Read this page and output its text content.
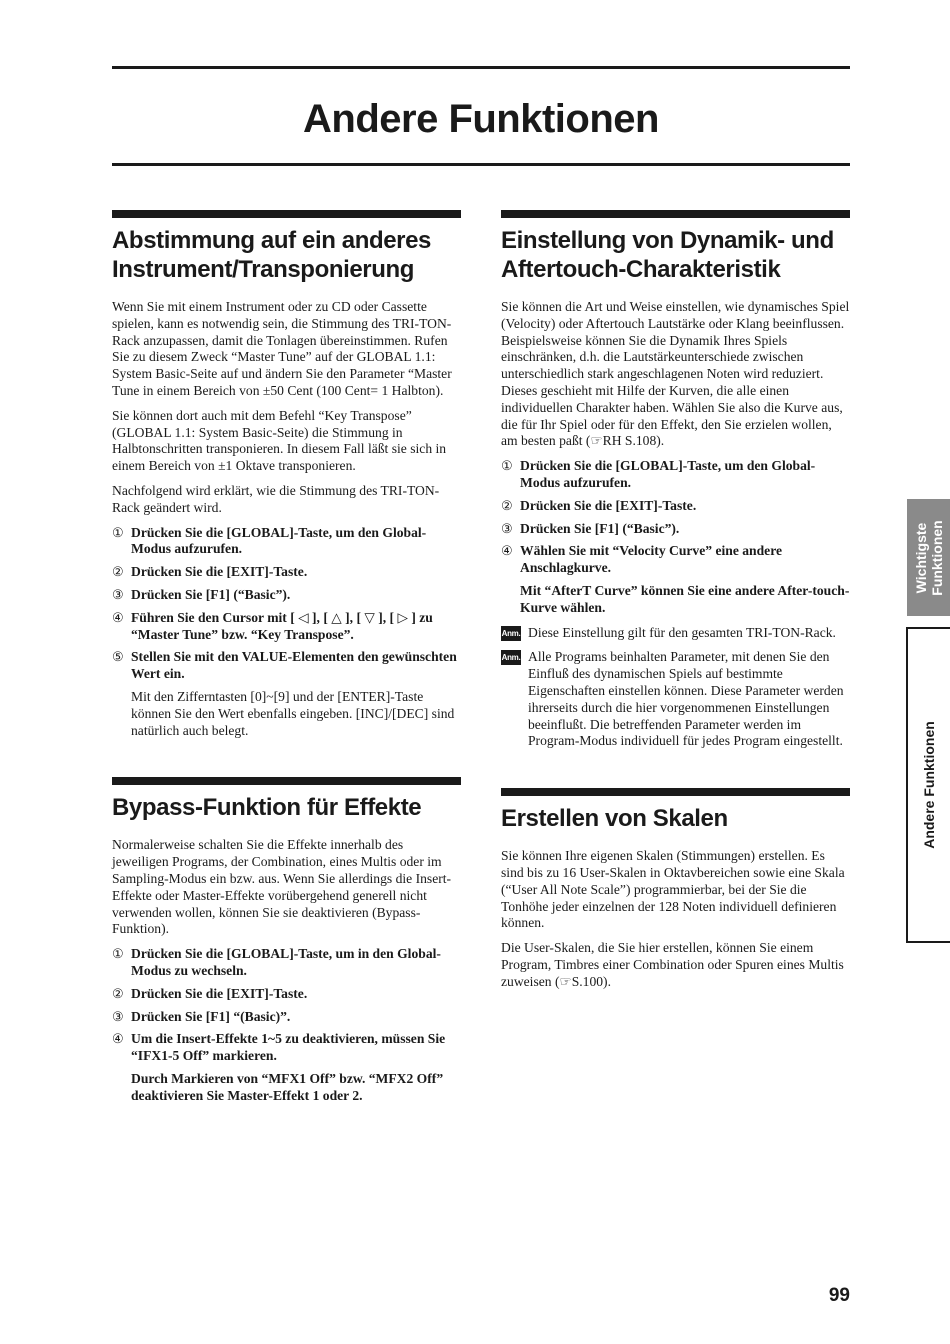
Andere Funktionen
Abstimmung auf ein anderes Instrument/Transponierung

Wenn Sie mit einem Instrument oder zu CD oder Cassette spielen, kann es notwendig sein, die Stimmung des TRI-TON-Rack anzupassen, damit die Tonlagen übereinstimmen. Rufen Sie zu diesem Zweck “Master Tune” auf der GLOBAL 1.1: System Basic-Seite auf und ändern Sie den Parameter “Master Tune in einem Bereich von ±50 Cent (100 Cent= 1 Halbton).

Sie können dort auch mit dem Befehl “Key Transpose” (GLOBAL 1.1: System Basic-Seite) die Stimmung in Halbtonschritten transponieren. In diesem Fall läßt sie sich in einem Bereich von ±1 Oktave transponieren.

Nachfolgend wird erklärt, wie die Stimmung des TRI-TON-Rack geändert wird.

① Drücken Sie die [GLOBAL]-Taste, um den Global-Modus aufzurufen.
② Drücken Sie die [EXIT]-Taste.
③ Drücken Sie [F1] (“Basic”).
④ Führen Sie den Cursor mit [ ◁ ], [ △ ], [ ▽ ], [ ▷ ] zu “Master Tune” bzw. “Key Transpose”.
⑤ Stellen Sie mit den VALUE-Elementen den gewünschten Wert ein.
Mit den Zifferntasten [0]~[9] und der [ENTER]-Taste können Sie den Wert ebenfalls eingeben. [INC]/[DEC] sind natürlich auch belegt.
Bypass-Funktion für Effekte

Normalerweise schalten Sie die Effekte innerhalb des jeweiligen Programs, der Combination, eines Multis oder im Sampling-Modus ein bzw. aus. Wenn Sie allerdings die Insert-Effekte oder Master-Effekte vorübergehend generell nicht verwenden wollen, können Sie sie deaktivieren (Bypass-Funktion).

① Drücken Sie die [GLOBAL]-Taste, um in den Global-Modus zu wechseln.
② Drücken Sie die [EXIT]-Taste.
③ Drücken Sie [F1] “(Basic)”.
④ Um die Insert-Effekte 1~5 zu deaktivieren, müssen Sie “IFX1-5 Off” markieren.
Durch Markieren von “MFX1 Off” bzw. “MFX2 Off” deaktivieren Sie Master-Effekt 1 oder 2.
Einstellung von Dynamik- und Aftertouch-Charakteristik

Sie können die Art und Weise einstellen, wie dynamisches Spiel (Velocity) oder Aftertouch Lautstärke oder Klang beeinflussen. Beispielsweise können Sie die Dynamik Ihres Spiels einschränken, d.h. die Lautstärkeunterschiede zwischen unterschiedlich stark angeschlagenen Noten wird reduziert. Dieses geschieht mit Hilfe der Kurven, die alle einen individuellen Charakter haben. Wählen Sie also die Kurve aus, die für Ihr Spiel oder für den Effekt, den Sie erzielen wollen, am besten paßt (☞RH S.108).

① Drücken Sie die [GLOBAL]-Taste, um den Global-Modus aufzurufen.
② Drücken Sie die [EXIT]-Taste.
③ Drücken Sie [F1] (“Basic”).
④ Wählen Sie mit “Velocity Curve” eine andere Anschlagkurve.
Mit “AfterT Curve” können Sie eine andere After-touch-Kurve wählen.
Anm. Diese Einstellung gilt für den gesamten TRI-TON-Rack.
Anm. Alle Programs beinhalten Parameter, mit denen Sie den Einfluß des dynamischen Spiels auf bestimmte Eigenschaften einstellen können. Diese Parameter werden ihrerseits durch die hier vorgenommenen Einstellungen beeinflußt. Die betreffenden Parameter werden im Program-Modus individuell für jedes Program eingestellt.
Erstellen von Skalen

Sie können Ihre eigenen Skalen (Stimmungen) erstellen. Es sind bis zu 16 User-Skalen in Oktavbereichen sowie eine Skala (“User All Note Scale”) programmierbar, bei der Sie die Tonhöhe jeder einzelnen der 128 Noten individuell definieren können.

Die User-Skalen, die Sie hier erstellen, können Sie einem Program, Timbres einer Combination oder Spuren eines Multis zuweisen (☞S.100).

Wichtigste
Funktionen
Andere Funktionen
99
